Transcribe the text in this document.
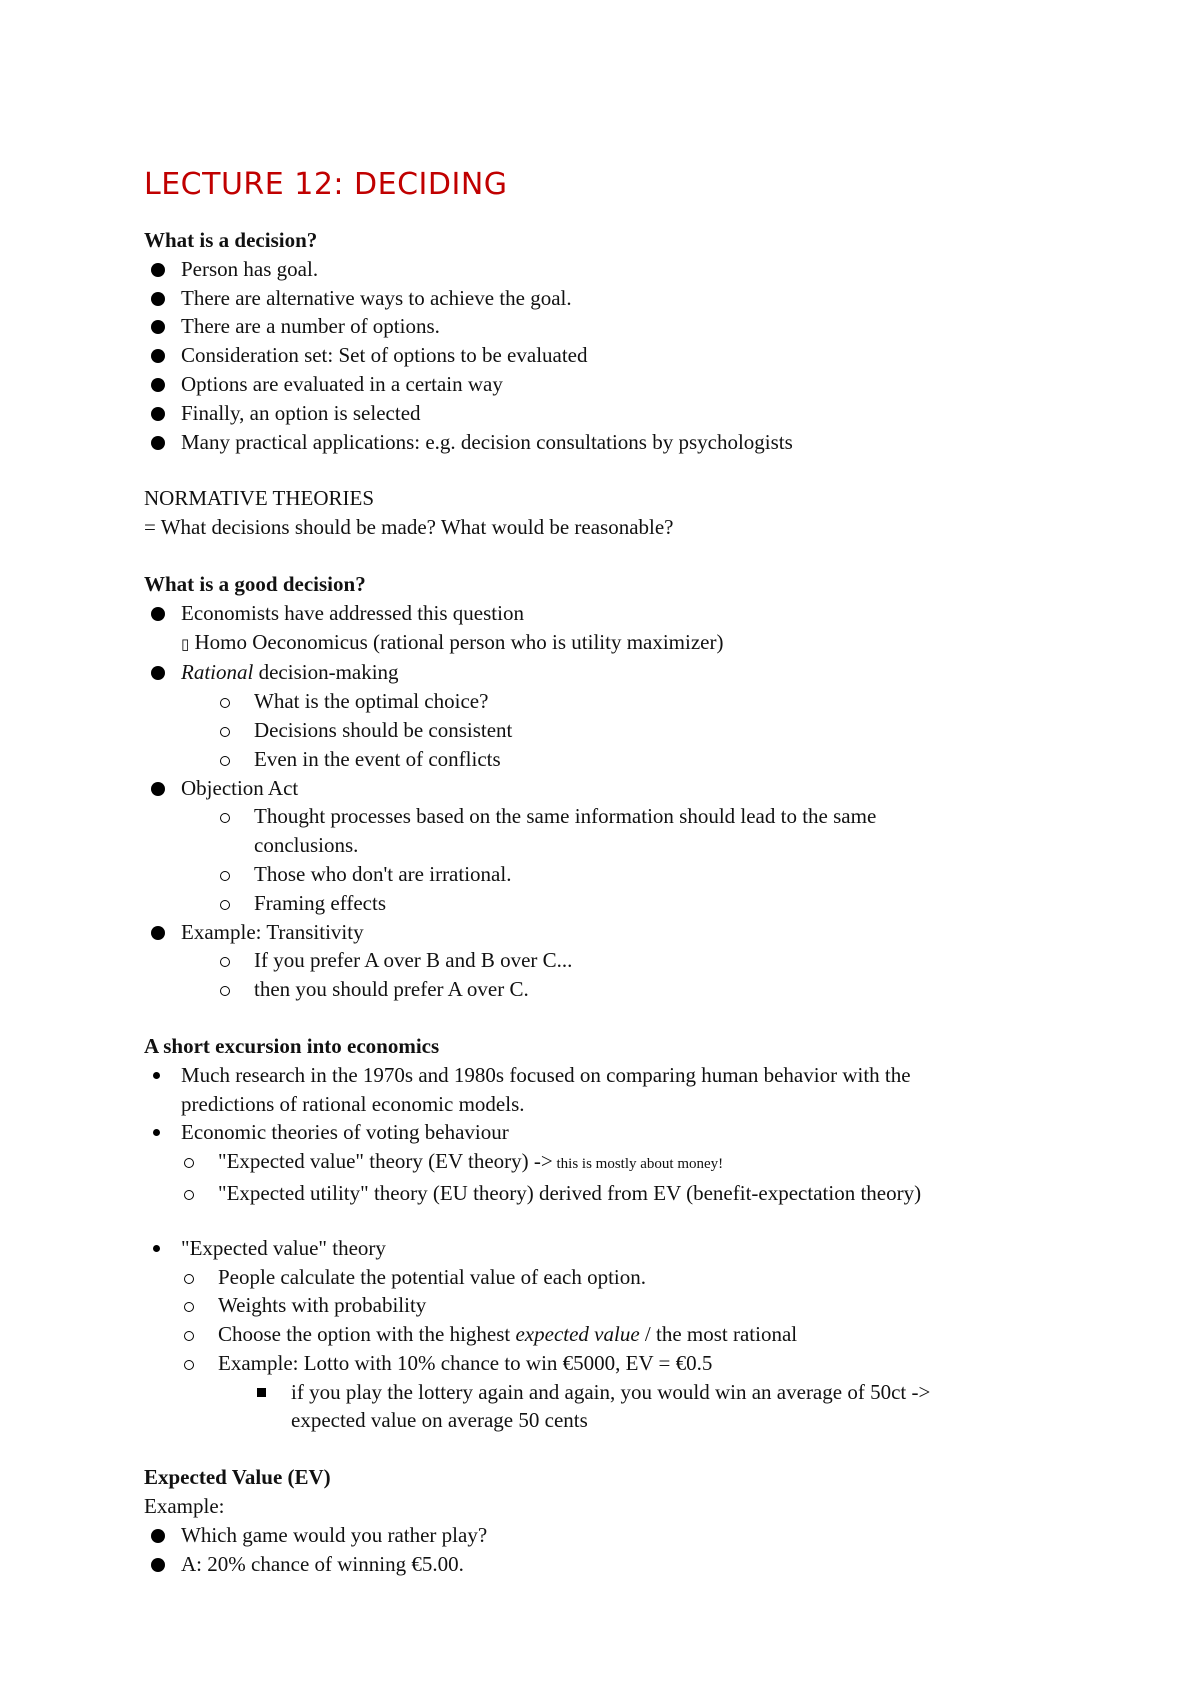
LECTURE 12: DECIDING
What is a decision?
Person has goal.
There are alternative ways to achieve the goal.
There are a number of options.
Consideration set: Set of options to be evaluated
Options are evaluated in a certain way
Finally, an option is selected
Many practical applications: e.g. decision consultations by psychologists
NORMATIVE THEORIES
= What decisions should be made? What would be reasonable?
What is a good decision?
Economists have addressed this question
▯ Homo Oeconomicus (rational person who is utility maximizer)
Rational decision-making
What is the optimal choice?
Decisions should be consistent
Even in the event of conflicts
Objection Act
Thought processes based on the same information should lead to the same
conclusions.
Those who don't are irrational.
Framing effects
Example: Transitivity
If you prefer A over B and B over C...
then you should prefer A over C.
A short excursion into economics
Much research in the 1970s and 1980s focused on comparing human behavior with the
predictions of rational economic models.
Economic theories of voting behaviour
"Expected value" theory (EV theory) -> this is mostly about money!
"Expected utility" theory (EU theory) derived from EV (benefit-expectation theory)
"Expected value" theory
People calculate the potential value of each option.
Weights with probability
Choose the option with the highest expected value / the most rational
Example: Lotto with 10% chance to win €5000, EV = €0.5
if you play the lottery again and again, you would win an average of 50ct ->
expected value on average 50 cents
Expected Value (EV)
Example:
Which game would you rather play?
A: 20% chance of winning €5.00.
